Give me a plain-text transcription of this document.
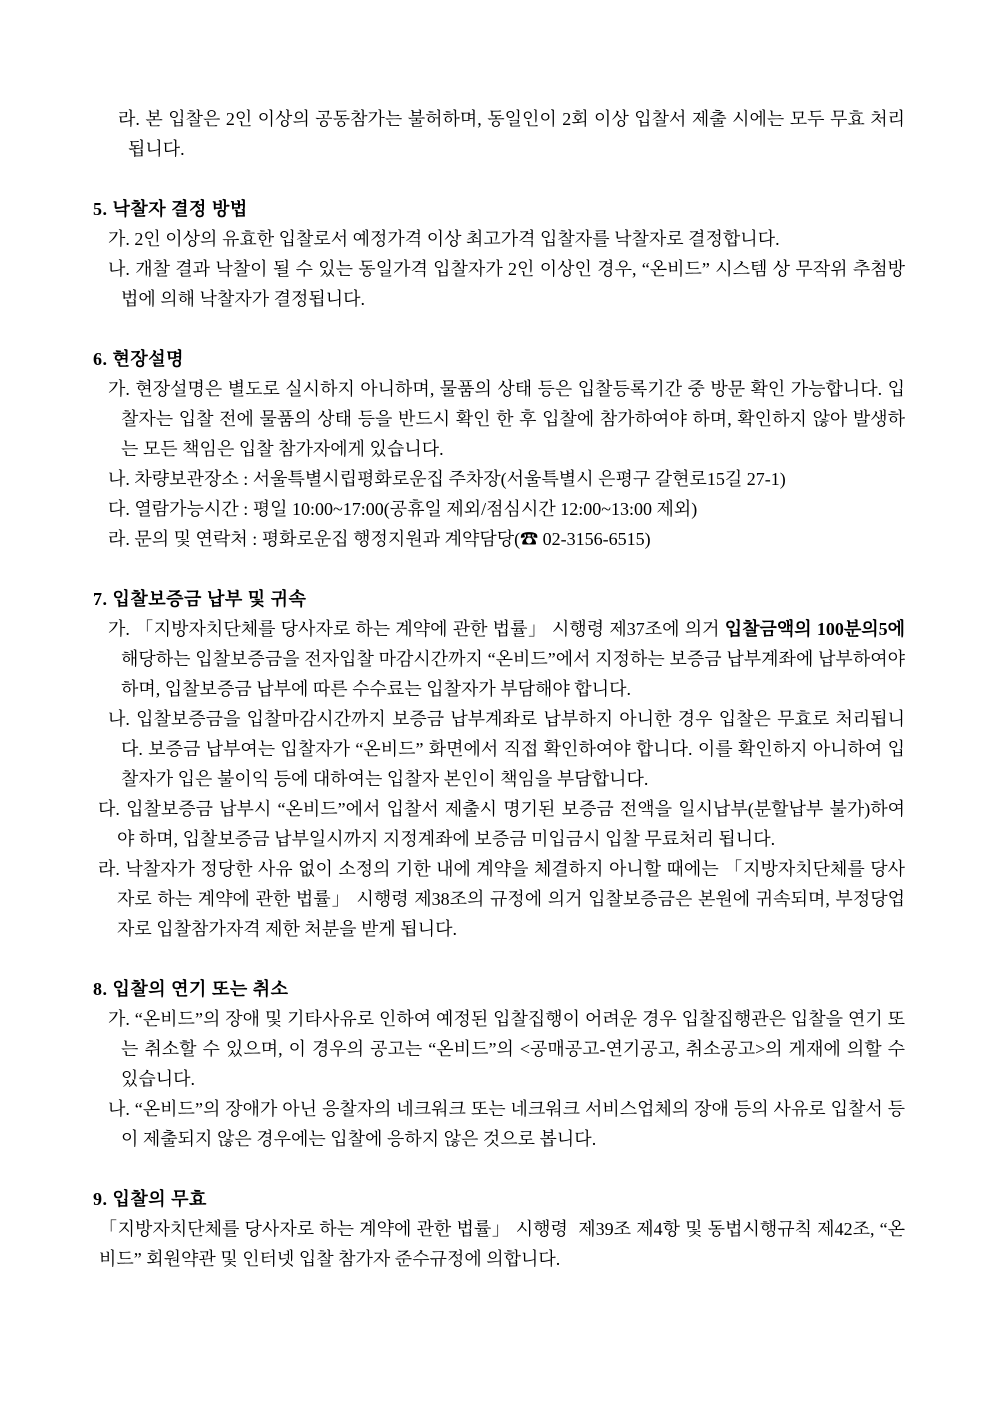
라. 본 입찰은 2인 이상의 공동참가는 불허하며, 동일인이 2회 이상 입찰서 제출 시에는 모두 무효 처리됩니다.
5. 낙찰자 결정 방법
가. 2인 이상의 유효한 입찰로서 예정가격 이상 최고가격 입찰자를 낙찰자로 결정합니다.
나. 개찰 결과 낙찰이 될 수 있는 동일가격 입찰자가 2인 이상인 경우, “온비드” 시스템 상 무작위 추첨방법에 의해 낙찰자가 결정됩니다.
6. 현장설명
가. 현장설명은 별도로 실시하지 아니하며, 물품의 상태 등은 입찰등록기간 중 방문 확인 가능합니다. 입찰자는 입찰 전에 물품의 상태 등을 반드시 확인 한 후 입찰에 참가하여야 하며, 확인하지 않아 발생하는 모든 책임은 입찰 참가자에게 있습니다.
나. 차량보관장소 : 서울특별시립평화로운집 주차장(서울특별시 은평구 갈현로15길 27-1)
다. 열람가능시간 : 평일 10:00~17:00(공휴일 제외/점심시간 12:00~13:00 제외)
라. 문의 및 연락처 : 평화로운집 행정지원과 계약담당(☎ 02-3156-6515)
7. 입찰보증금 납부 및 귀속
가. 「지방자치단체를 당사자로 하는 계약에 관한 법률」 시행령 제37조에 의거 입찰금액의 100분의5에 해당하는 입찰보증금을 전자입찰 마감시간까지 “온비드”에서 지정하는 보증금 납부계좌에 납부하여야 하며, 입찰보증금 납부에 따른 수수료는 입찰자가 부담해야 합니다.
나. 입찰보증금을 입찰마감시간까지 보증금 납부계좌로 납부하지 아니한 경우 입찰은 무효로 처리됩니다. 보증금 납부여는 입찰자가 “온비드” 화면에서 직접 확인하여야 합니다. 이를 확인하지 아니하여 입찰자가 입은 불이익 등에 대하여는 입찰자 본인이 책임을 부담합니다.
다. 입찰보증금 납부시 “온비드”에서 입찰서 제출시 명기된 보증금 전액을 일시납부(분할납부 불가)하여야 하며, 입찰보증금 납부일시까지 지정계좌에 보증금 미입금시 입찰 무료처리 됩니다.
라. 낙찰자가 정당한 사유 없이 소정의 기한 내에 계약을 체결하지 아니할 때에는 「지방자치단체를 당사자로 하는 계약에 관한 법률」 시행령 제38조의 규정에 의거 입찰보증금은 본원에 귀속되며, 부정당업자로 입찰참가자격 제한 처분을 받게 됩니다.
8. 입찰의 연기 또는 취소
가. “온비드”의 장애 및 기타사유로 인하여 예정된 입찰집행이 어려운 경우 입찰집행관은 입찰을 연기 또는 취소할 수 있으며, 이 경우의 공고는 “온비드”의 <공매공고-연기공고, 취소공고>의 게재에 의할 수 있습니다.
나. “온비드”의 장애가 아닌 응찰자의 네크워크 또는 네크워크 서비스업체의 장애 등의 사유로 입찰서 등이 제출되지 않은 경우에는 입찰에 응하지 않은 것으로 봅니다.
9. 입찰의 무효
「지방자치단체를 당사자로 하는 계약에 관한 법률」 시행령  제39조 제4항 및 동법시행규칙 제42조, “온비드” 회원약관 및 인터넷 입찰 참가자 준수규정에 의합니다.
